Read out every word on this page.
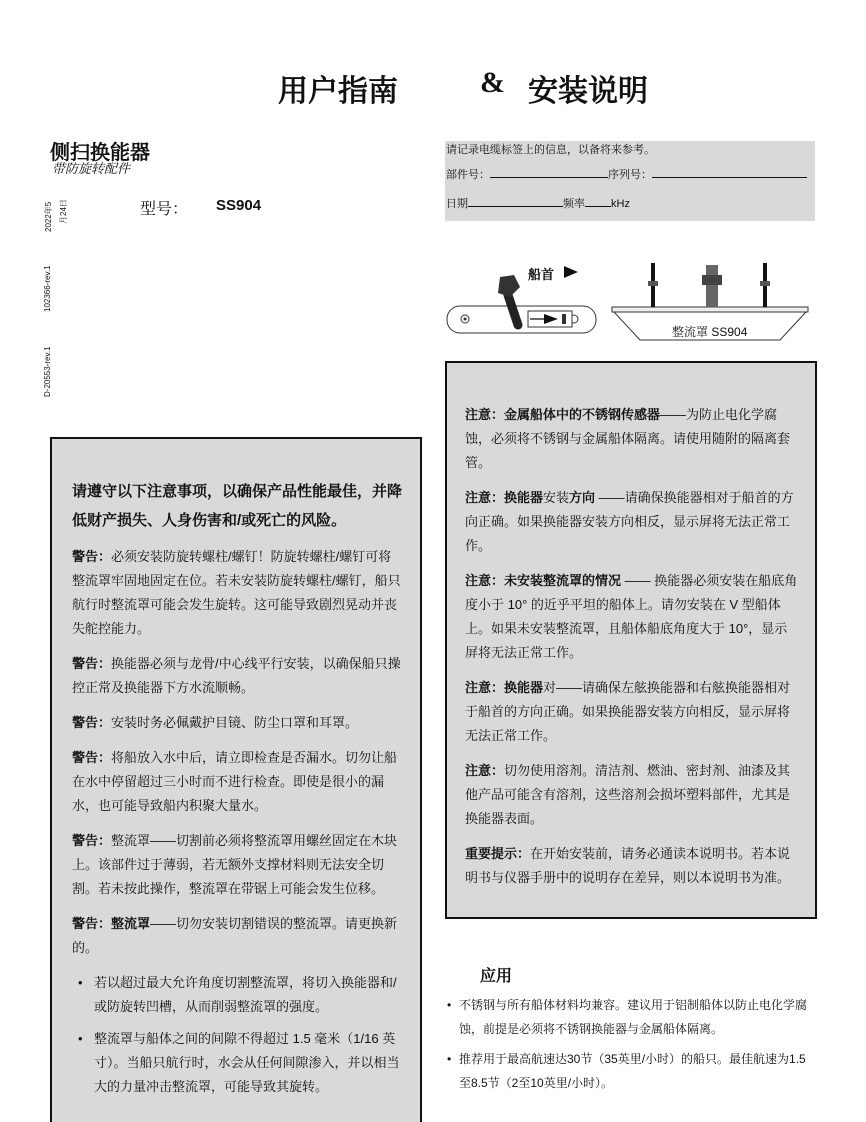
用户指南	& 安装说明
侧扫换能器
带防旋转配件
型号： SS904
2022年5 月24日
102366-rev.1
D-20553-rev.1
请记录电缆标签上的信息，以备将来参考。
部件号：	序列号：
日期	频率 kHz
船首
整流罩 SS904
请遵守以下注意事项，以确保产品性能最佳，并降低财产损失、人身伤害和/或死亡的风险。

警告：必须安装防旋转螺柱/螺钉！防旋转螺柱/螺钉可将整流罩牢固地固定在位。若未安装防旋转螺柱/螺钉，船只航行时整流罩可能会发生旋转。这可能导致剧烈晃动并丧失舵控能力。

警告：换能器必须与龙骨/中心线平行安装，以确保船只操控正常及换能器下方水流顺畅。

警告：安装时务必佩戴护目镜、防尘口罩和耳罩。

警告：将船放入水中后，请立即检查是否漏水。切勿让船在水中停留超过三小时而不进行检查。即使是很小的漏水，也可能导致船内积聚大量水。

警告：整流罩——切割前必须将整流罩用螺丝固定在木块上。该部件过于薄弱，若无额外支撑材料则无法安全切割。若未按此操作，整流罩在带锯上可能会发生位移。

警告：整流罩——切勿安装切割错误的整流罩。请更换新的。

• 若以超过最大允许角度切割整流罩，将切入换能器和/或防旋转凹槽，从而削弱整流罩的强度。
• 整流罩与船体之间的间隙不得超过 1.5 毫米（1/16 英寸）。当船只航行时，水会从任何间隙渗入，并以相当大的力量冲击整流罩，可能导致其旋转。

注意：金属船体中的不锈钢传感器——为防止电化学腐蚀，必须将不锈钢与金属船体隔离。请使用随附的隔离套管。

注意：换能器安装方向 ——请确保换能器相对于船首的方向正确。如果换能器安装方向相反，显示屏将无法正常工作。

注意：未安装整流罩的情况 —— 换能器必须安装在船底角度小于 10° 的近乎平坦的船体上。请勿安装在 V 型船体上。如果未安装整流罩，且船体船底角度大于 10°，显示屏将无法正常工作。

注意：换能器对——请确保左舷换能器和右舷换能器相对于船首的方向正确。如果换能器安装方向相反，显示屏将无法正常工作。

注意：切勿使用溶剂。清洁剂、燃油、密封剂、油漆及其他产品可能含有溶剂，这些溶剂会损坏塑料部件，尤其是换能器表面。

重要提示：在开始安装前，请务必通读本说明书。若本说明书与仪器手册中的说明存在差异，则以本说明书为准。

应用
• 不锈钢与所有船体材料均兼容。建议用于铝制船体以防止电化学腐蚀，前提是必须将不锈钢换能器与金属船体隔离。
• 推荐用于最高航速达30节（35英里/小时）的船只。最佳航速为1.5至8.5节（2至10英里/小时）。
